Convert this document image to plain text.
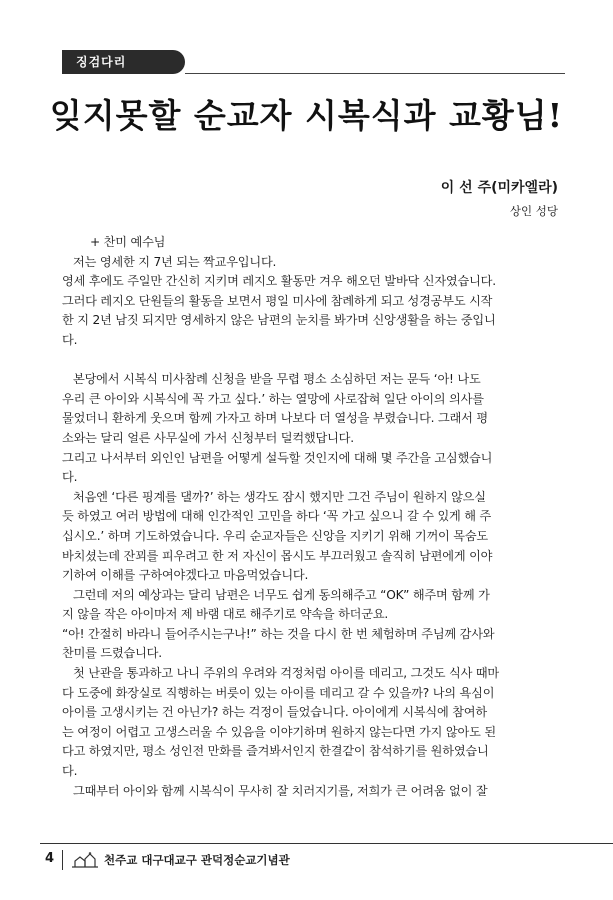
징검다리
잊지못할 순교자 시복식과 교황님!
이 선 주(미카엘라)
상인 성당
+ 찬미 예수님
저는 영세한 지 7년 되는 짝교우입니다.
영세 후에도 주일만 간신히 지키며 레지오 활동만 겨우 해오던 발바닥 신자였습니다.
그러다 레지오 단원들의 활동을 보면서 평일 미사에 참례하게 되고 성경공부도 시작
한 지 2년 남짓 되지만 영세하지 않은 남편의 눈치를 봐가며 신앙생활을 하는 중입니
다.
본당에서 시복식 미사참례 신청을 받을 무렵 평소 소심하던 저는 문득 ‘아! 나도
우리 큰 아이와 시복식에 꼭 가고 싶다.’ 하는 열망에 사로잡혀 일단 아이의 의사를
물었더니 환하게 웃으며 함께 가자고 하며 나보다 더 열성을 부렸습니다. 그래서 평
소와는 달리 얼른 사무실에 가서 신청부터 덜컥했답니다.
그리고 나서부터 외인인 남편을 어떻게 설득할 것인지에 대해 몇 주간을 고심했습니
다.
처음엔 ‘다른 핑계를 댈까?’ 하는 생각도 잠시 했지만 그건 주님이 원하지 않으실
듯 하였고 여러 방법에 대해 인간적인 고민을 하다 ‘꼭 가고 싶으니 갈 수 있게 해 주
십시오.’ 하며 기도하였습니다. 우리 순교자들은 신앙을 지키기 위해 기꺼이 목숨도
바치셨는데 잔꾀를 피우려고 한 저 자신이 몹시도 부끄러웠고 솔직히 남편에게 이야
기하여 이해를 구하여야겠다고 마음먹었습니다.
그런데 저의 예상과는 달리 남편은 너무도 쉽게 동의해주고 “OK” 해주며 함께 가
지 않을 작은 아이마저 제 바램 대로 해주기로 약속을 하더군요.
“아! 간절히 바라니 들어주시는구나!” 하는 것을 다시 한 번 체험하며 주님께 감사와
찬미를 드렸습니다.
첫 난관을 통과하고 나니 주위의 우려와 걱정처럼 아이를 데리고, 그것도 식사 때마
다 도중에 화장실로 직행하는 버릇이 있는 아이를 데리고 갈 수 있을까? 나의 욕심이
아이를 고생시키는 건 아닌가? 하는 걱정이 들었습니다. 아이에게 시복식에 참여하
는 여정이 어렵고 고생스러울 수 있음을 이야기하며 원하지 않는다면 가지 않아도 된
다고 하였지만, 평소 성인전 만화를 즐겨봐서인지 한결같이 참석하기를 원하였습니
다.
그때부터 아이와 함께 시복식이 무사히 잘 치러지기를, 저희가 큰 어려움 없이 잘
4	천주교 대구대교구 관덕정순교기념관
